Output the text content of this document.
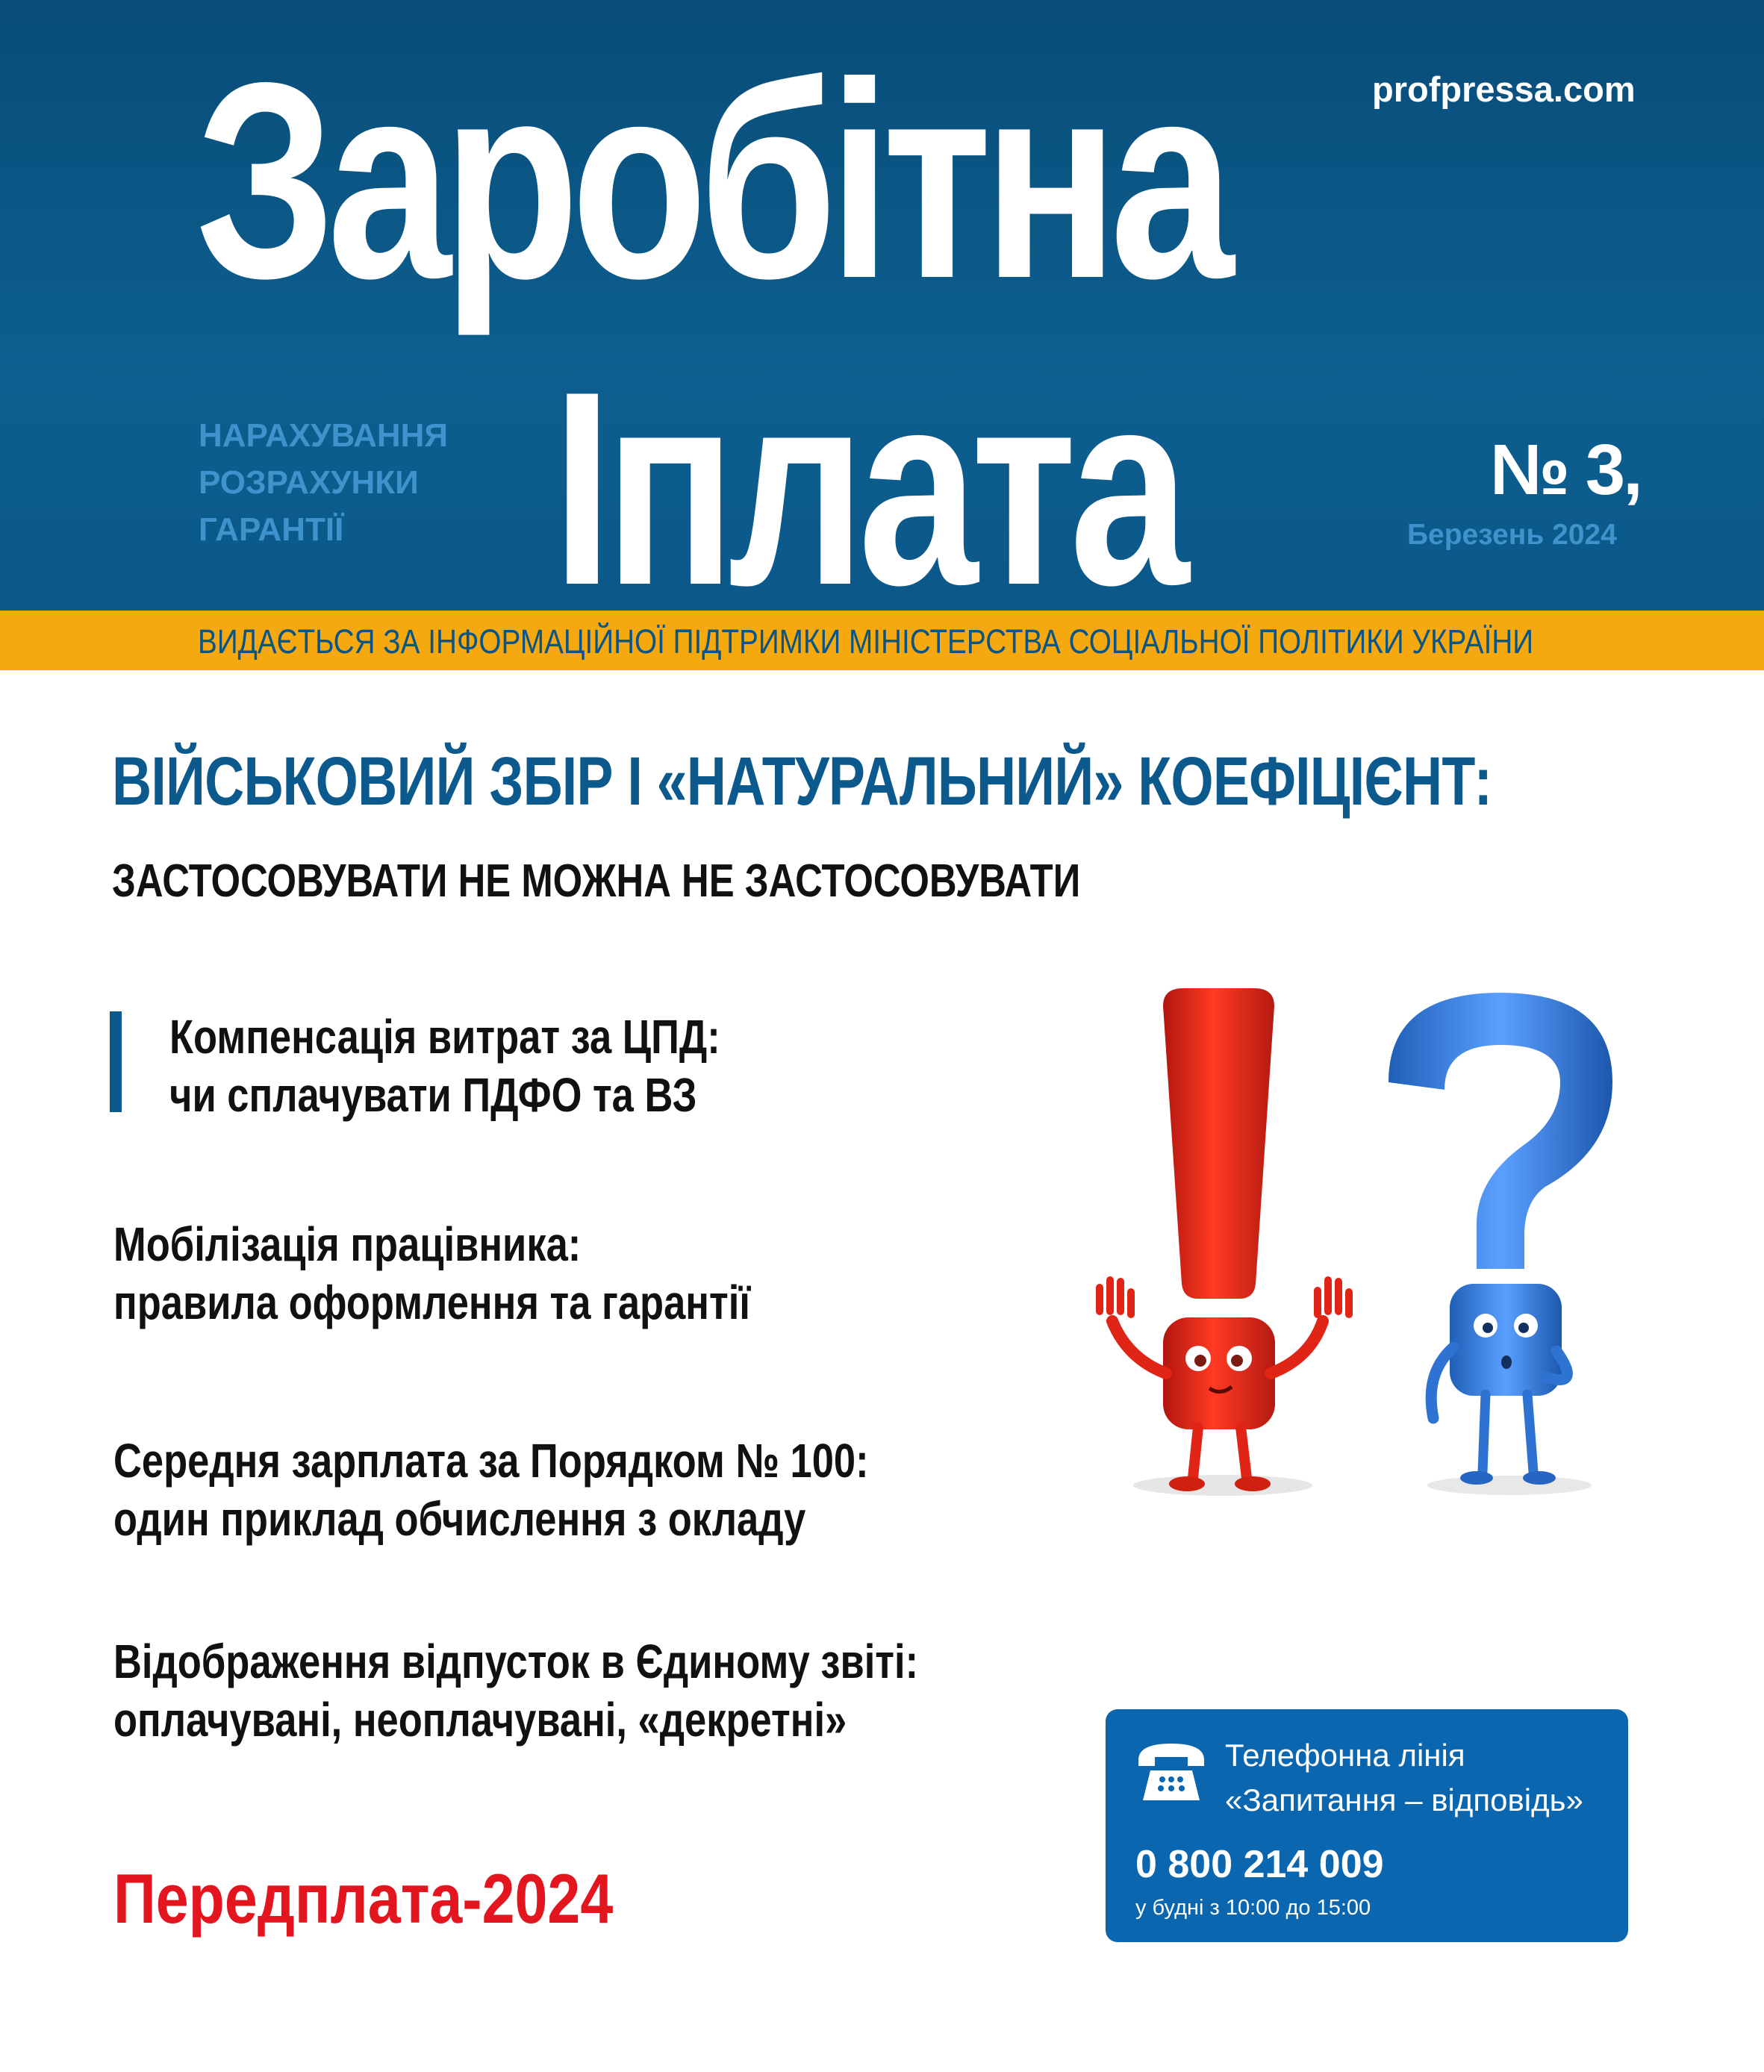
Заробітна
Іплата
profpressa.com
НАРАХУВАННЯ
РОЗРАХУНКИ
ГАРАНТІЇ
№ 3,
Березень 2024
ВИДАЄТЬСЯ ЗА ІНФОРМАЦІЙНОЇ ПІДТРИМКИ МІНІСТЕРСТВА СОЦІАЛЬНОЇ ПОЛІТИКИ УКРАЇНИ
ВІЙСЬКОВИЙ ЗБІР І «НАТУРАЛЬНИЙ» КОЕФІЦІЄНТ:
ЗАСТОСОВУВАТИ НЕ МОЖНА НЕ ЗАСТОСОВУВАТИ
Компенсація витрат за ЦПД:
чи сплачувати ПДФО та ВЗ
Мобілізація працівника:
правила оформлення та гарантії
Середня зарплата за Порядком № 100:
один приклад обчислення з окладу
Відображення відпусток в Єдиному звіті:
оплачувані, неоплачувані, «декретні»
Передплата-2024
Телефонна лінія
«Запитання – відповідь»
0 800 214 009
у будні з 10:00 до 15:00
